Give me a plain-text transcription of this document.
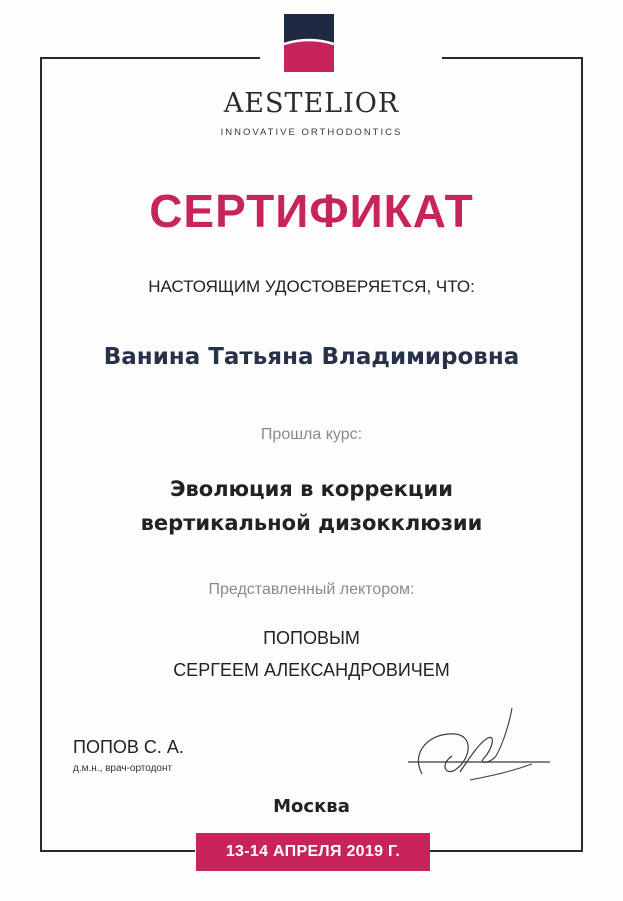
AESTELIOR
INNOVATIVE ORTHODONTICS
СЕРТИФИКАТ
НАСТОЯЩИМ УДОСТОВЕРЯЕТСЯ, ЧТО:
Ванина Татьяна Владимировна
Прошла курс:
Эволюция в коррекции
вертикальной дизокклюзии
Представленный лектором:
ПОПОВЫМ
СЕРГЕЕМ АЛЕКСАНДРОВИЧЕМ
ПОПОВ С. А.
д.м.н., врач-ортодонт
Москва
13-14 АПРЕЛЯ 2019 Г.
